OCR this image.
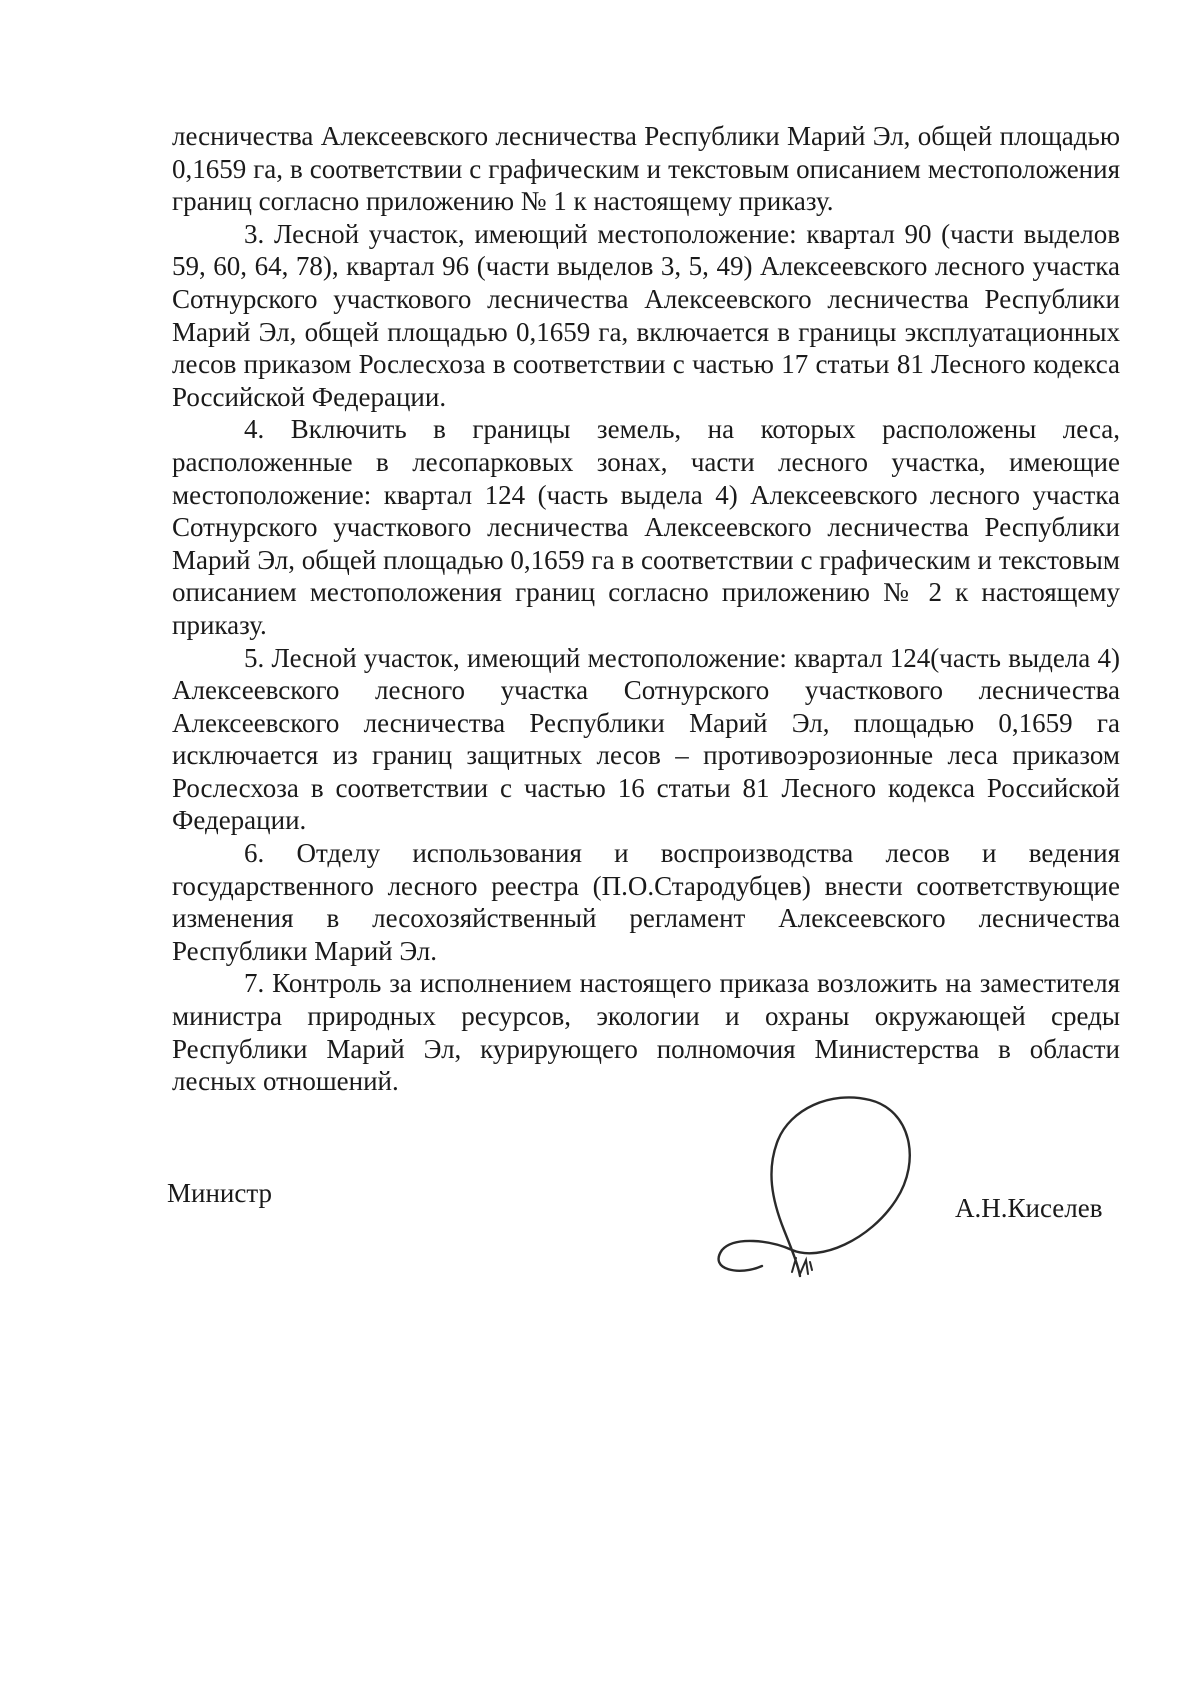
лесничества Алексеевского лесничества Республики Марий Эл, общей площадью 0,1659 га, в соответствии с графическим и текстовым описанием местоположения границ согласно приложению № 1 к настоящему приказу.

3. Лесной участок, имеющий местоположение: квартал 90 (части выделов 59, 60, 64, 78), квартал 96 (части выделов 3, 5, 49) Алексеевского лесного участка Сотнурского участкового лесничества Алексеевского лесничества Республики Марий Эл, общей площадью 0,1659 га, включается в границы эксплуатационных лесов приказом Рослесхоза в соответствии с частью 17 статьи 81 Лесного кодекса Российской Федерации.

4. Включить в границы земель, на которых расположены леса, расположенные в лесопарковых зонах, части лесного участка, имеющие местоположение: квартал 124 (часть выдела 4) Алексеевского лесного участка Сотнурского участкового лесничества Алексеевского лесничества Республики Марий Эл, общей площадью 0,1659 га в соответствии с графическим и текстовым описанием местоположения границ согласно приложению № 2 к настоящему приказу.

5. Лесной участок, имеющий местоположение: квартал 124(часть выдела 4) Алексеевского лесного участка Сотнурского участкового лесничества Алексеевского лесничества Республики Марий Эл, площадью 0,1659 га исключается из границ защитных лесов – противоэрозионные леса приказом Рослесхоза в соответствии с частью 16 статьи 81 Лесного кодекса Российской Федерации.

6. Отделу использования и воспроизводства лесов и ведения государственного лесного реестра (П.О.Стародубцев) внести соответствующие изменения в лесохозяйственный регламент Алексеевского лесничества Республики Марий Эл.

7. Контроль за исполнением настоящего приказа возложить на заместителя министра природных ресурсов, экологии и охраны окружающей среды Республики Марий Эл, курирующего полномочия Министерства в области лесных отношений.

Министр	А.Н.Киселев
